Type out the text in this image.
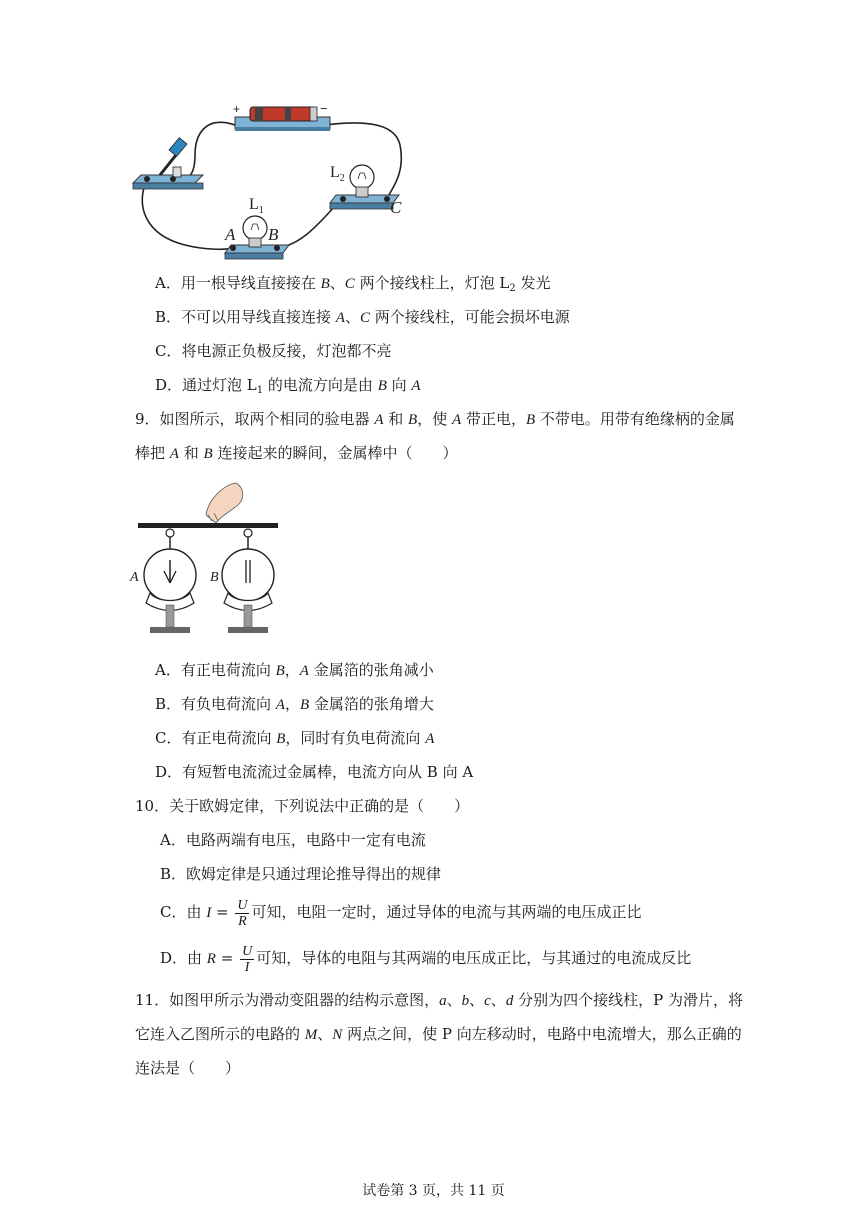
+	−
$L_2$
C
$L_1$
A B
A．用一根导线直接接在 B、C 两个接线柱上，灯泡 $L_2$ 发光
B．不可以用导线直接连接 A、C 两个接线柱，可能会损坏电源
C．将电源正负极反接，灯泡都不亮
D．通过灯泡 $L_1$ 的电流方向是由 B 向 A
9．如图所示，取两个相同的验电器 A 和 B，使 A 带正电，B 不带电。用带有绝缘柄的金属
棒把 A 和 B 连接起来的瞬间，金属棒中（　　）
A	B
A．有正电荷流向 B，A 金属箔的张角减小
B．有负电荷流向 A，B 金属箔的张角增大
C．有正电荷流向 B，同时有负电荷流向 A
D．有短暂电流流过金属棒，电流方向从 B 向 A
10．关于欧姆定律，下列说法中正确的是（　　）
A．电路两端有电压，电路中一定有电流
B．欧姆定律是只通过理论推导得出的规律
C．由 $I = \frac{U}{R}$ 可知，电阻一定时，通过导体的电流与其两端的电压成正比
D．由 $R = \frac{U}{I}$ 可知，导体的电阻与其两端的电压成正比，与其通过的电流成反比
11．如图甲所示为滑动变阻器的结构示意图，a、b、c、d 分别为四个接线柱，P 为滑片，将
它连入乙图所示的电路的 M、N 两点之间，使 P 向左移动时，电路中电流增大，那么正确的
连法是（　　）
试卷第 3 页，共 11 页
